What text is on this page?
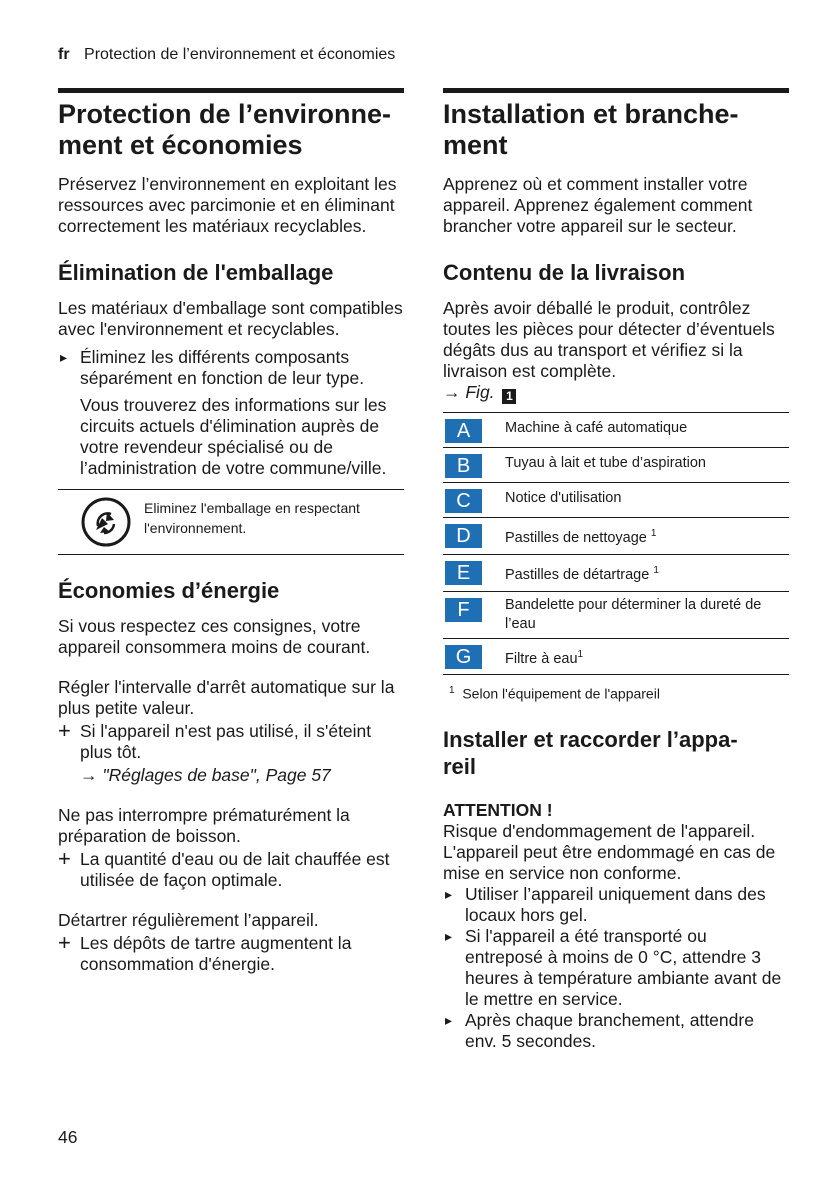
fr Protection de l’environnement et économies
Protection de l’environne-
ment et économies

Préservez l’environnement en exploitant les ressources avec parcimonie et en éliminant correctement les matériaux recyclables.

Élimination de l'emballage

Les matériaux d'emballage sont compatibles avec l'environnement et recyclables.

▸ Éliminez les différents composants séparément en fonction de leur type.
Vous trouverez des informations sur les circuits actuels d'élimination auprès de votre revendeur spécialisé ou de l’administration de votre commune/ville.
Eliminez l'emballage en respectant l'environnement.
Économies d’énergie

Si vous respectez ces consignes, votre appareil consommera moins de courant.

Régler l'intervalle d'arrêt automatique sur la plus petite valeur.

+ Si l'appareil n'est pas utilisé, il s'éteint plus tôt.
→ "Réglages de base", Page 57

Ne pas interrompre prématurément la préparation de boisson.

+ La quantité d'eau ou de lait chauffée est utilisée de façon optimale.

Détartrer régulièrement l’appareil.

+ Les dépôts de tartre augmentent la consommation d'énergie.
Installation et branche-
ment

Apprenez où et comment installer votre appareil. Apprenez également comment brancher votre appareil sur le secteur.

Contenu de la livraison

Après avoir déballé le produit, contrôlez toutes les pièces pour détecter d’éventuels dégâts dus au transport et vérifiez si la livraison est complète.

→ Fig. 1

A	Machine à café automatique
B	Tuyau à lait et tube d’aspiration
C	Notice d'utilisation
D	Pastilles de nettoyage $^1$
E	Pastilles de détartrage $^1$
F	Bandelette pour déterminer la dureté de l’eau
G	Filtre à eau$^1$
$^1$ Selon l'équipement de l'appareil
Installer et raccorder l’appa-
reil
ATTENTION !

Risque d'endommagement de l'appareil. L'appareil peut être endommagé en cas de mise en service non conforme.

▸ Utiliser l’appareil uniquement dans des locaux hors gel.
▸ Si l'appareil a été transporté ou entreposé à moins de 0 °C, attendre 3 heures à température ambiante avant de le mettre en service.
▸ Après chaque branchement, attendre env. 5 secondes.
46
